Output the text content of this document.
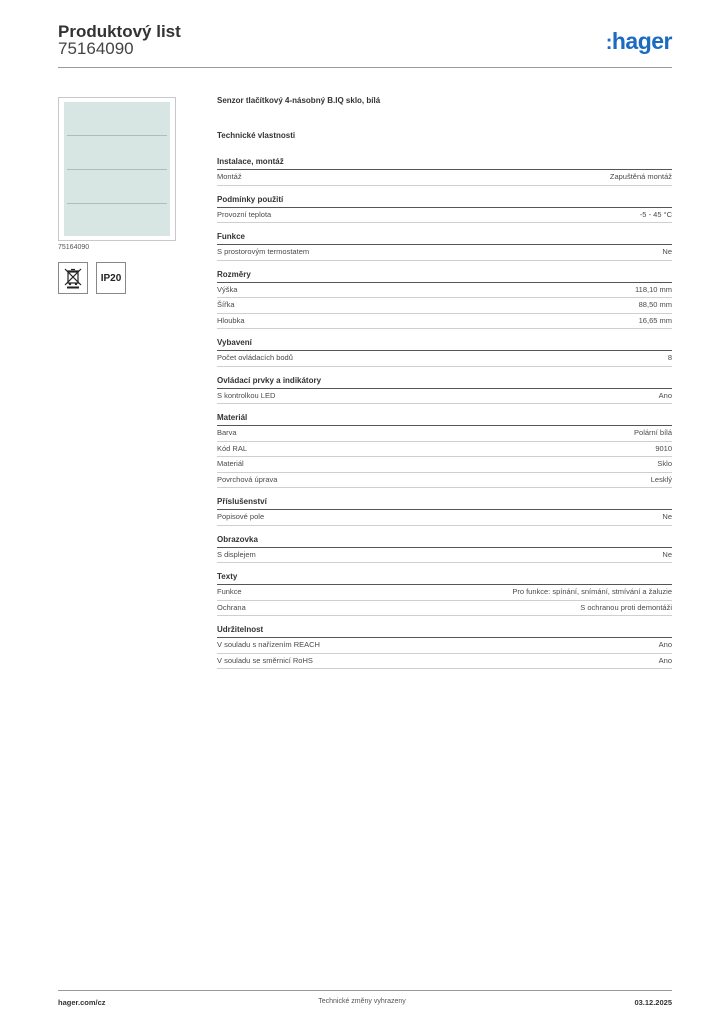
Produktový list
75164090	:hager
75164090
IP20
Senzor tlačítkový 4-násobný B.IQ sklo, bílá
Technické vlastnosti
Instalace, montáž
Montáž	Zapuštěná montáž
Podmínky použití
Provozní teplota	-5 - 45 °C
Funkce
S prostorovým termostatem	Ne
Rozměry
Výška	118,10 mm
Šířka	88,50 mm
Hloubka	16,65 mm
Vybavení
Počet ovládacích bodů	8
Ovládací prvky a indikátory
S kontrolkou LED	Ano
Materiál
Barva	Polární bílá
Kód RAL	9010
Materiál	Sklo
Povrchová úprava	Lesklý
Příslušenství
Popisové pole	Ne
Obrazovka
S displejem	Ne
Texty
Funkce	Pro funkce: spínání, snímání, stmívání a žaluzie
Ochrana	S ochranou proti demontáži
Udržitelnost
V souladu s nařízením REACH	Ano
V souladu se směrnicí RoHS	Ano
hager.com/cz	Technické změny vyhrazeny	03.12.2025
